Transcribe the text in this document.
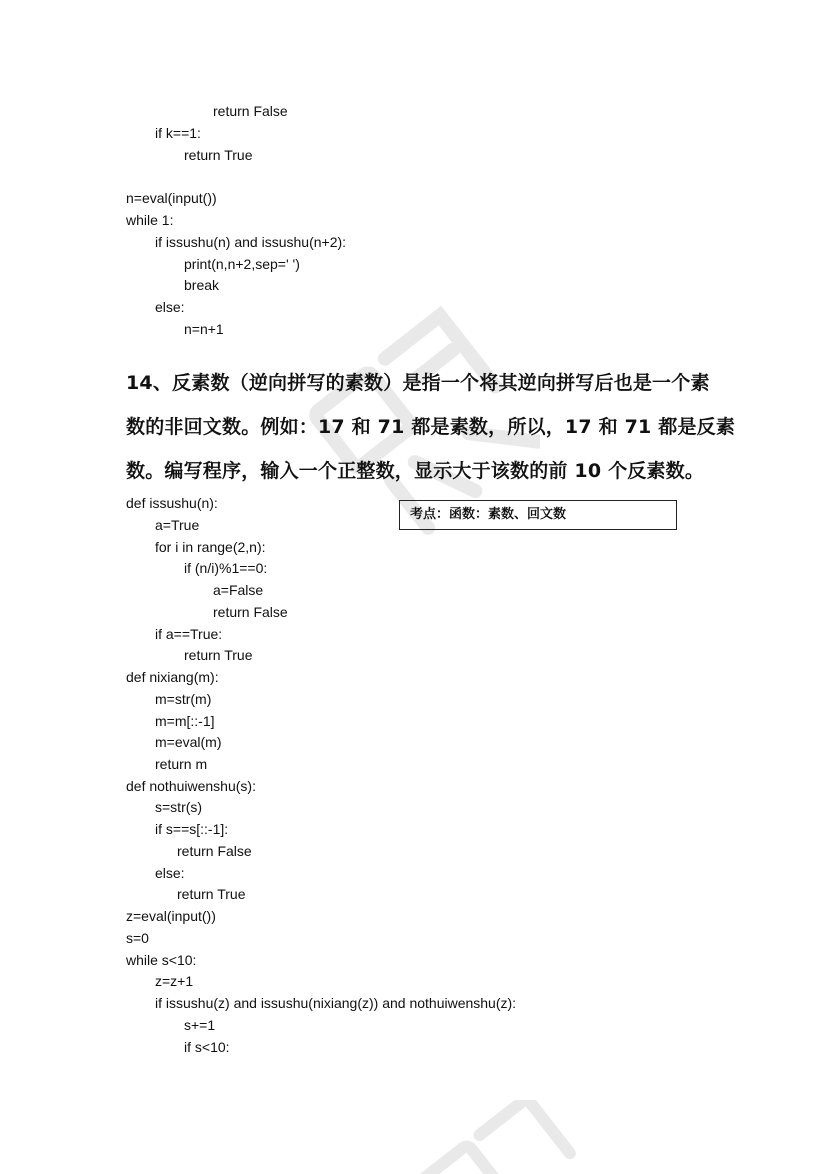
return False
if k==1:
return True
n=eval(input())
while 1:
if issushu(n) and issushu(n+2):
print(n,n+2,sep=' ')
break
else:
n=n+1
14、反素数（逆向拼写的素数）是指一个将其逆向拼写后也是一个素
数的非回文数。例如：17 和 71 都是素数，所以，17 和 71 都是反素
数。编写程序，输入一个正整数，显示大于该数的前 10 个反素数。
考点：函数：素数、回文数
def issushu(n):
a=True
for i in range(2,n):
if (n/i)%1==0:
a=False
return False
if a==True:
return True
def nixiang(m):
m=str(m)
m=m[::-1]
m=eval(m)
return m
def nothuiwenshu(s):
s=str(s)
if s==s[::-1]:
return False
else:
return True
z=eval(input())
s=0
while s<10:
z=z+1
if issushu(z) and issushu(nixiang(z)) and nothuiwenshu(z):
s+=1
if s<10:
